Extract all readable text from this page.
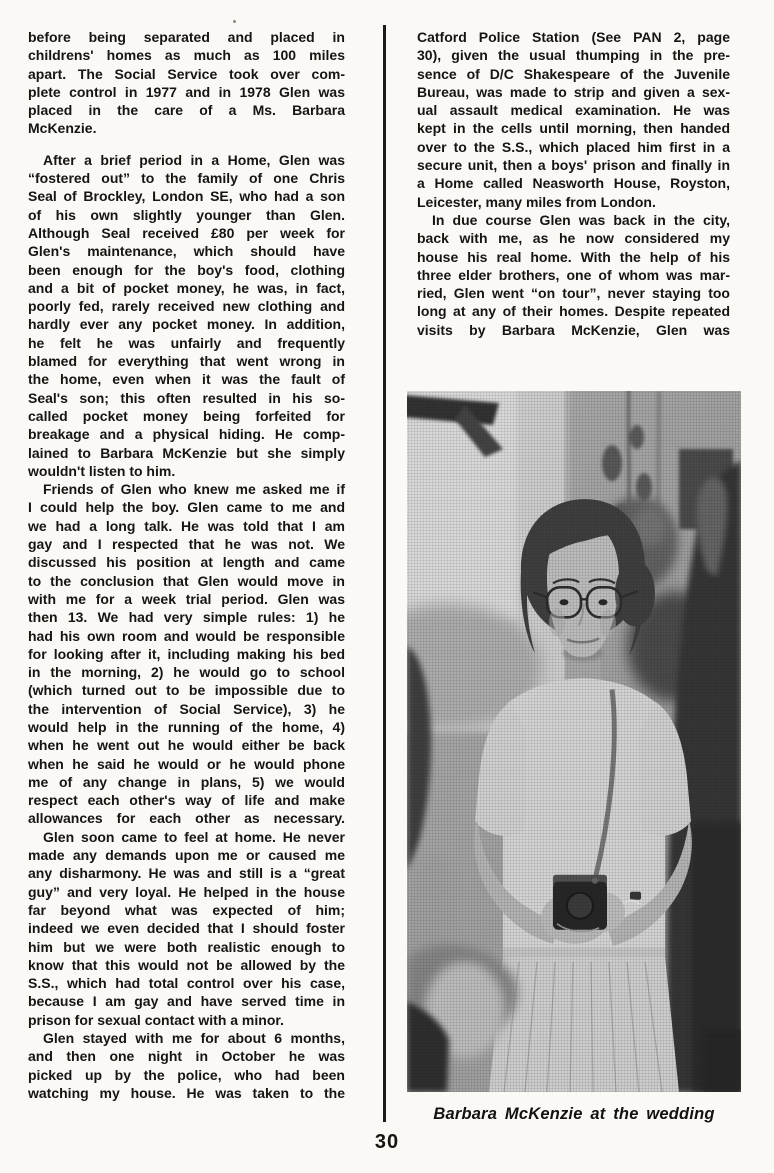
before being separated and placed in
childrens' homes as much as 100 miles
apart. The Social Service took over com-
plete control in 1977 and in 1978 Glen was
placed in the care of a Ms. Barbara
McKenzie.
After a brief period in a Home, Glen was
“fostered out” to the family of one Chris
Seal of Brockley, London SE, who had a son
of his own slightly younger than Glen.
Although Seal received £80 per week for
Glen's maintenance, which should have
been enough for the boy's food, clothing
and a bit of pocket money, he was, in fact,
poorly fed, rarely received new clothing and
hardly ever any pocket money. In addition,
he felt he was unfairly and frequently
blamed for everything that went wrong in
the home, even when it was the fault of
Seal's son; this often resulted in his so-
called pocket money being forfeited for
breakage and a physical hiding. He comp-
lained to Barbara McKenzie but she simply
wouldn't listen to him.
Friends of Glen who knew me asked me if
I could help the boy. Glen came to me and
we had a long talk. He was told that I am
gay and I respected that he was not. We
discussed his position at length and came
to the conclusion that Glen would move in
with me for a week trial period. Glen was
then 13. We had very simple rules: 1) he
had his own room and would be responsible
for looking after it, including making his bed
in the morning, 2) he would go to school
(which turned out to be impossible due to
the intervention of Social Service), 3) he
would help in the running of the home, 4)
when he went out he would either be back
when he said he would or he would phone
me of any change in plans, 5) we would
respect each other's way of life and make
allowances for each other as necessary.
Glen soon came to feel at home. He never
made any demands upon me or caused me
any disharmony. He was and still is a “great
guy” and very loyal. He helped in the house
far beyond what was expected of him;
indeed we even decided that I should foster
him but we were both realistic enough to
know that this would not be allowed by the
S.S., which had total control over his case,
because I am gay and have served time in
prison for sexual contact with a minor.
Glen stayed with me for about 6 months,
and then one night in October he was
picked up by the police, who had been
watching my house. He was taken to the
Catford Police Station (See PAN 2, page
30), given the usual thumping in the pre-
sence of D/C Shakespeare of the Juvenile
Bureau, was made to strip and given a sex-
ual assault medical examination. He was
kept in the cells until morning, then handed
over to the S.S., which placed him first in a
secure unit, then a boys' prison and finally in
a Home called Neasworth House, Royston,
Leicester, many miles from London.
In due course Glen was back in the city,
back with me, as he now considered my
house his real home. With the help of his
three elder brothers, one of whom was mar-
ried, Glen went “on tour”, never staying too
long at any of their homes. Despite repeated
visits by Barbara McKenzie, Glen was
Barbara McKenzie at the wedding
30
